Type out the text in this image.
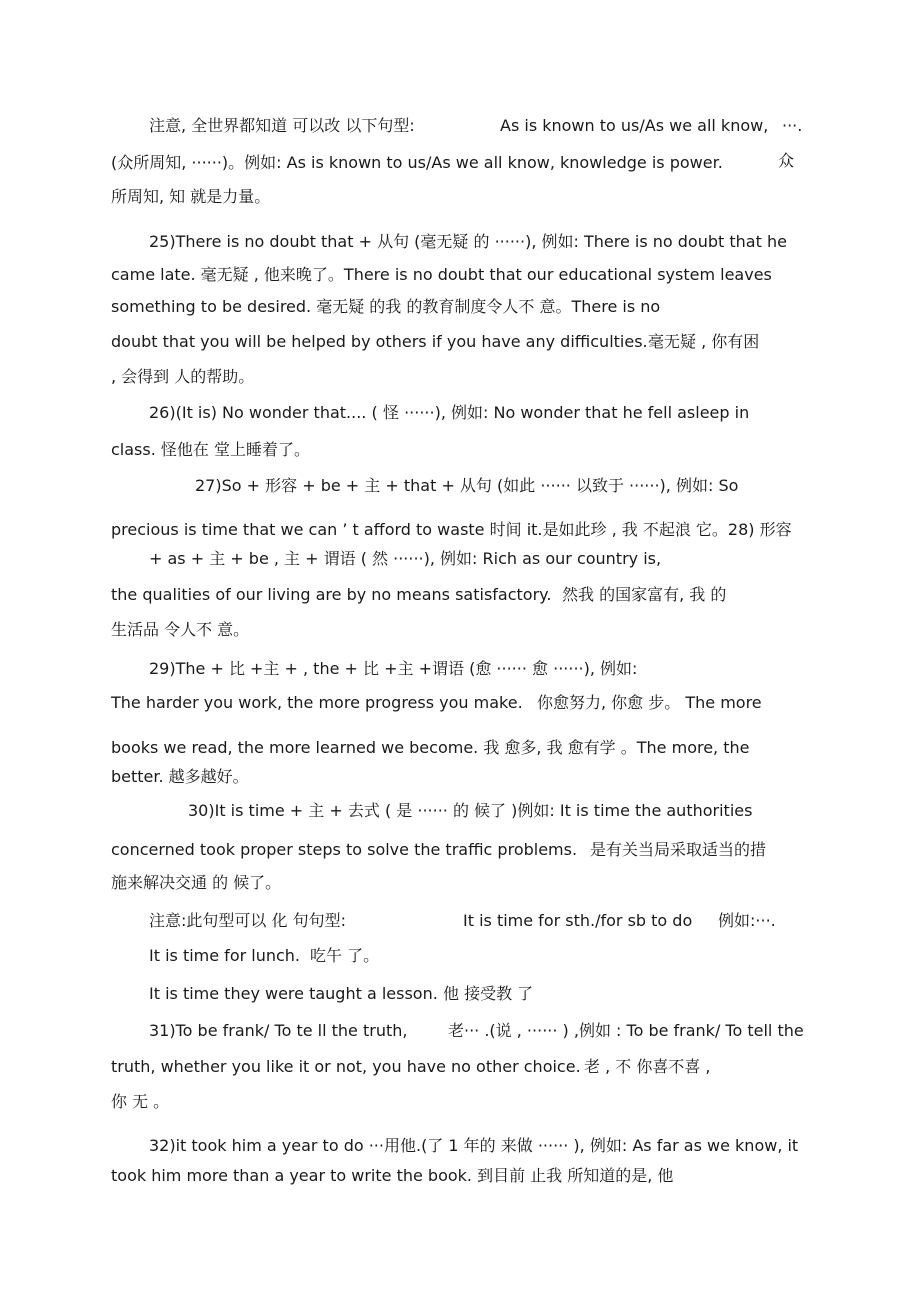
注意, 全世界都知道 可以改 以下句型:	As is known to us/As we all know, ···.
(众所周知, ······)。例如: As is known to us/As we all know, knowledge is power.	众
所周知, 知 就是力量。
25)There is no doubt that + 从句 (毫无疑 的 ······), 例如: There is no doubt that he
came late. 毫无疑 , 他来晚了。There is no doubt that our educational system leaves
something to be desired. 毫无疑 的我 的教育制度令人不 意。There is no
doubt that you will be helped by others if you have any difficulties. 毫无疑 , 你有困
, 会得到 人的帮助。
26)(It is) No wonder that.... ( 怪 ······), 例如: No wonder that he fell asleep in
class. 怪他在 堂上睡着了。
27)So + 形容 + be + 主 + that + 从句 (如此 ······ 以致于 ······), 例如: So
precious is time that we can ’ t afford to waste 时间 it.是如此珍 , 我 不起浪 它。28) 形容
+ as + 主 + be , 主 + 谓语 ( 然 ······), 例如: Rich as our country is,
the qualities of our living are by no means satisfactory. 然我 的国家富有, 我 的
生活品 令人不 意。
29)The + 比 +主 + , the + 比 +主 +谓语 (愈 ······ 愈 ······), 例如:
The harder you work, the more progress you make. 你愈努力, 你愈 步。 The more
books we read, the more learned we become. 我 愈多, 我 愈有学 。The more, the
better. 越多越好。
30)It is time + 主 + 去式 ( 是 ······ 的 候了 )例如: It is time the authorities
concerned took proper steps to solve the traffic problems. 是有关当局采取适当的措
施来解决交通 的 候了。
注意:此句型可以 化 句句型:	It is time for sth./for sb to do 例如:···.
It is time for lunch. 吃午 了。
It is time they were taught a lesson. 他 接受教 了
31)To be frank/ To te ll the truth,	老··· .(说 , ······ ) ,例如 : To be frank/ To tell the
truth, whether you like it or not, you have no other choice. 老 , 不 你喜不喜 ,
你 无 。
32)it took him a year to do ···用他.(了 1 年的 来做 ······ ), 例如: As far as we know, it
took him more than a year to write the book. 到目前 止我 所知道的是, 他
